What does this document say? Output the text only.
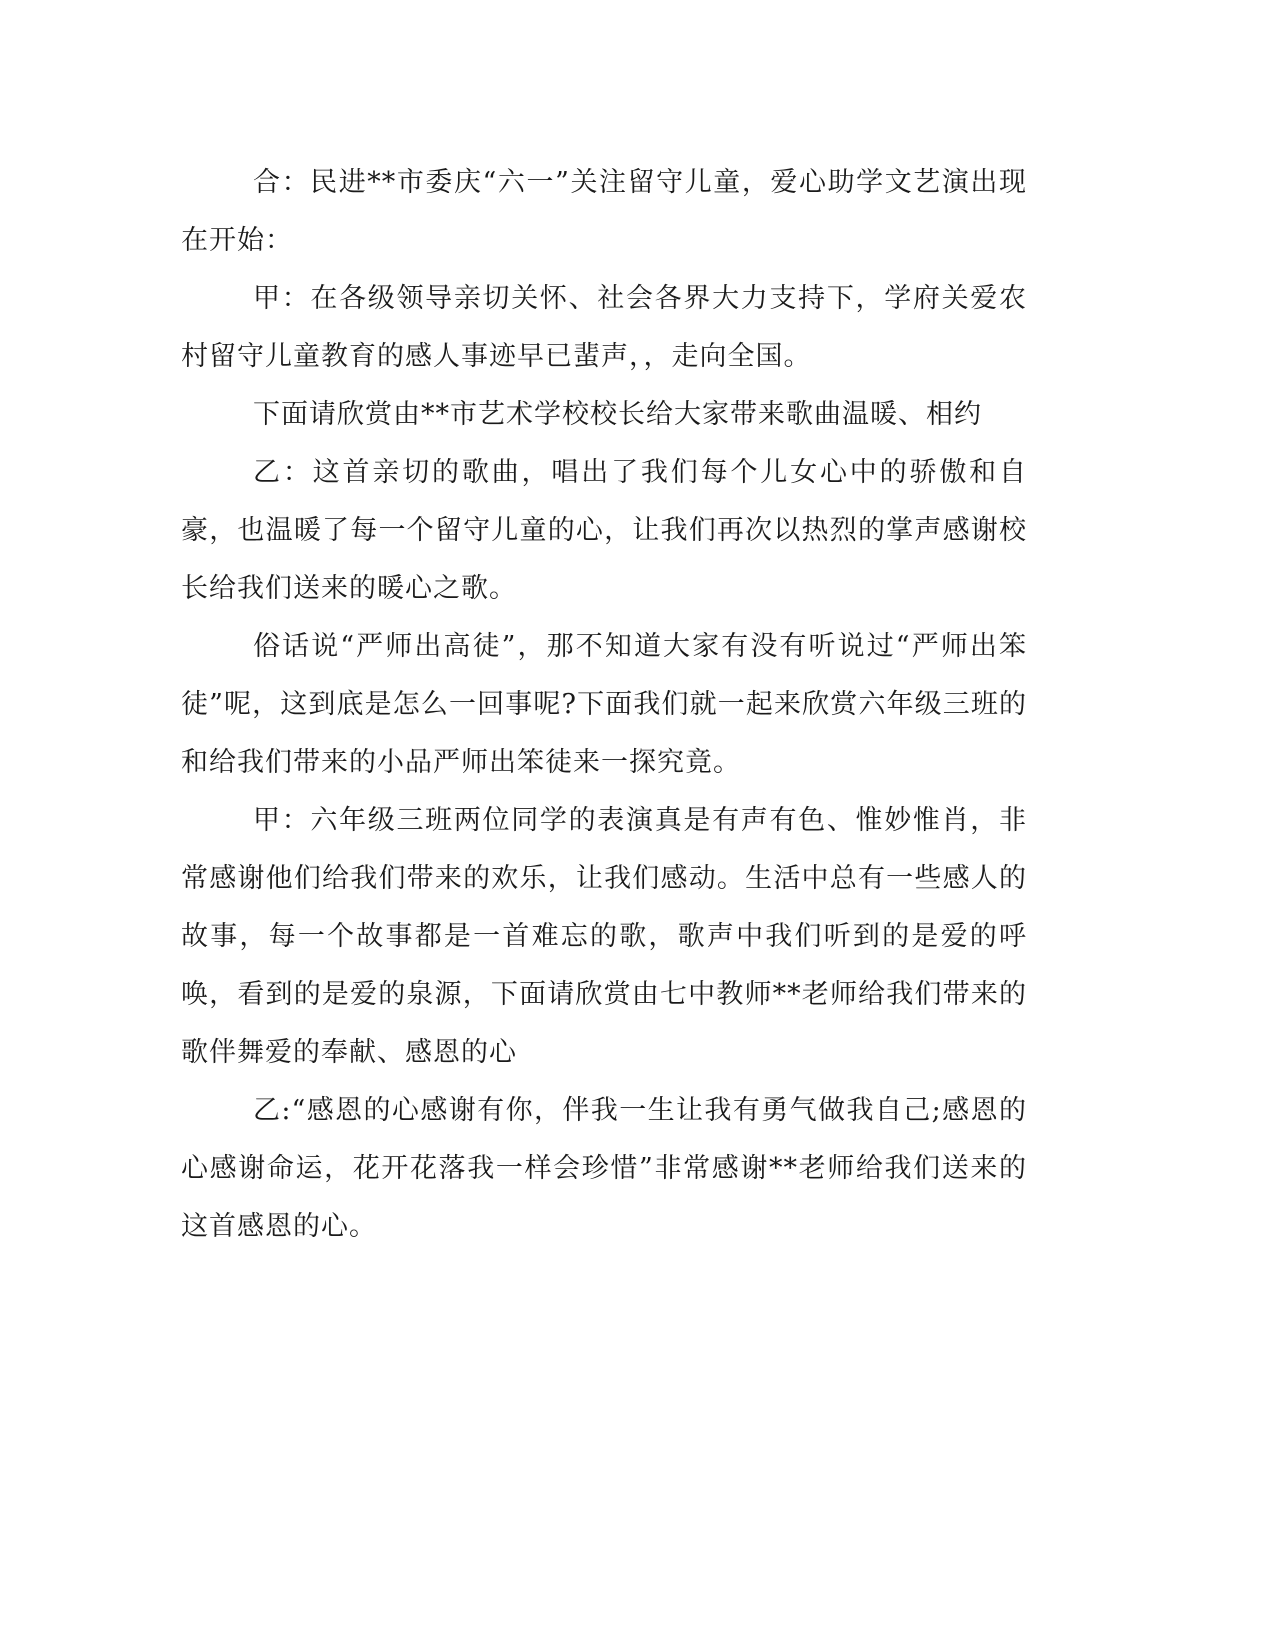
合：民进**市委庆“六一”关注留守儿童，爱心助学文艺演出现在开始：

甲：在各级领导亲切关怀、社会各界大力支持下，学府关爱农村留守儿童教育的感人事迹早已蜚声，，走向全国。

下面请欣赏由**市艺术学校校长给大家带来歌曲温暖、相约

乙：这首亲切的歌曲，唱出了我们每个儿女心中的骄傲和自豪，也温暖了每一个留守儿童的心，让我们再次以热烈的掌声感谢校长给我们送来的暖心之歌。

俗话说“严师出高徒”，那不知道大家有没有听说过“严师出笨徒”呢，这到底是怎么一回事呢?下面我们就一起来欣赏六年级三班的和给我们带来的小品严师出笨徒来一探究竟。

甲：六年级三班两位同学的表演真是有声有色、惟妙惟肖，非常感谢他们给我们带来的欢乐，让我们感动。生活中总有一些感人的故事，每一个故事都是一首难忘的歌，歌声中我们听到的是爱的呼唤，看到的是爱的泉源，下面请欣赏由七中教师**老师给我们带来的歌伴舞爱的奉献、感恩的心

乙:“感恩的心感谢有你，伴我一生让我有勇气做我自己;感恩的心感谢命运，花开花落我一样会珍惜”非常感谢**老师给我们送来的这首感恩的心。
